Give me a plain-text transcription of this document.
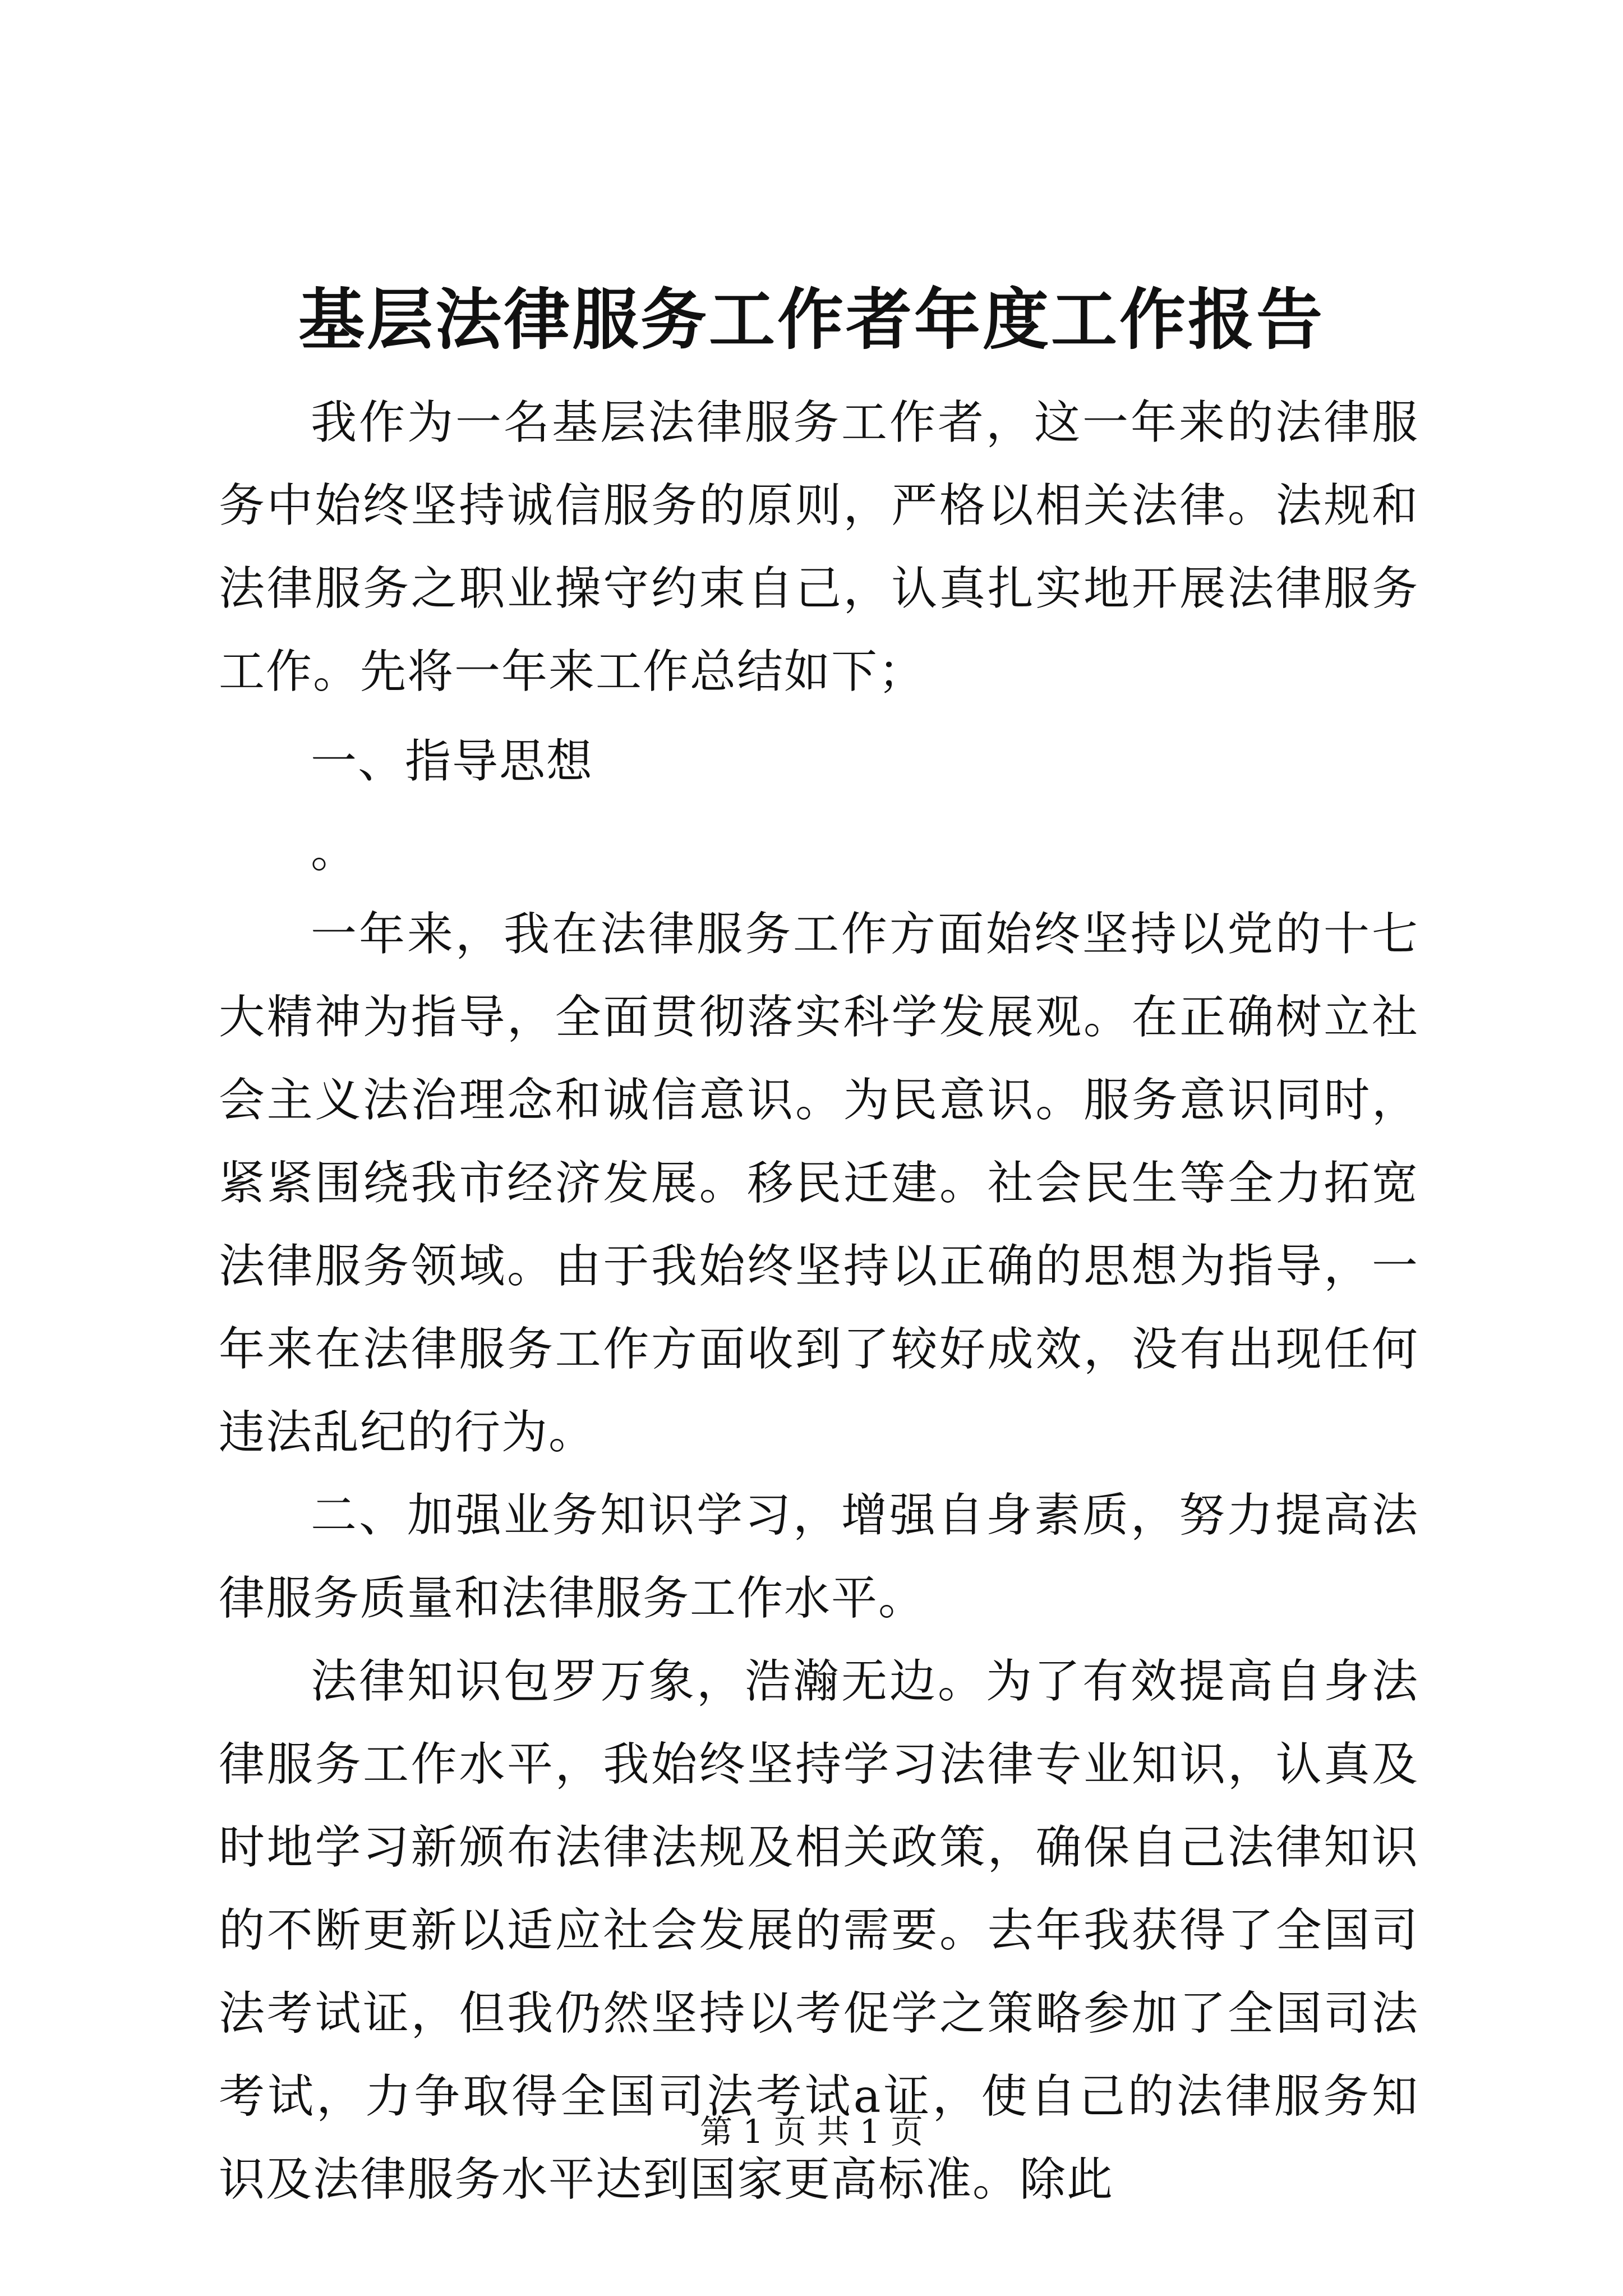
基层法律服务工作者年度工作报告

我作为一名基层法律服务工作者，这一年来的法律服务中始终坚持诚信服务的原则，严格以相关法律。法规和法律服务之职业操守约束自己，认真扎实地开展法律服务工作。先将一年来工作总结如下；

一、指导思想

。

一年来，我在法律服务工作方面始终坚持以党的十七大精神为指导，全面贯彻落实科学发展观。在正确树立社会主义法治理念和诚信意识。为民意识。服务意识同时，紧紧围绕我市经济发展。移民迁建。社会民生等全力拓宽法律服务领域。由于我始终坚持以正确的思想为指导，一年来在法律服务工作方面收到了较好成效，没有出现任何违法乱纪的行为。

二、加强业务知识学习，增强自身素质，努力提高法律服务质量和法律服务工作水平。

法律知识包罗万象，浩瀚无边。为了有效提高自身法律服务工作水平，我始终坚持学习法律专业知识，认真及时地学习新颁布法律法规及相关政策，确保自己法律知识的不断更新以适应社会发展的需要。去年我获得了全国司法考试证，但我仍然坚持以考促学之策略参加了全国司法考试，力争取得全国司法考试a证，使自己的法律服务知识及法律服务水平达到国家更高标准。除此

第 1 页 共 1 页
